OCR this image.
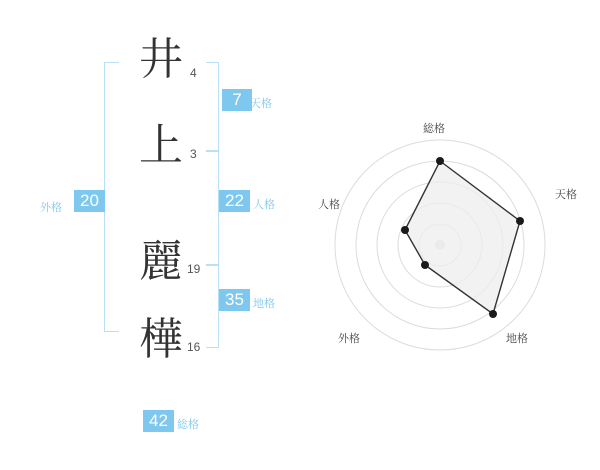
外格	20
井 4
上 3
麗 19
樺 16
7 天格
22 人格
35 地格
42 総格
総格
天格
地格
外格
人格
